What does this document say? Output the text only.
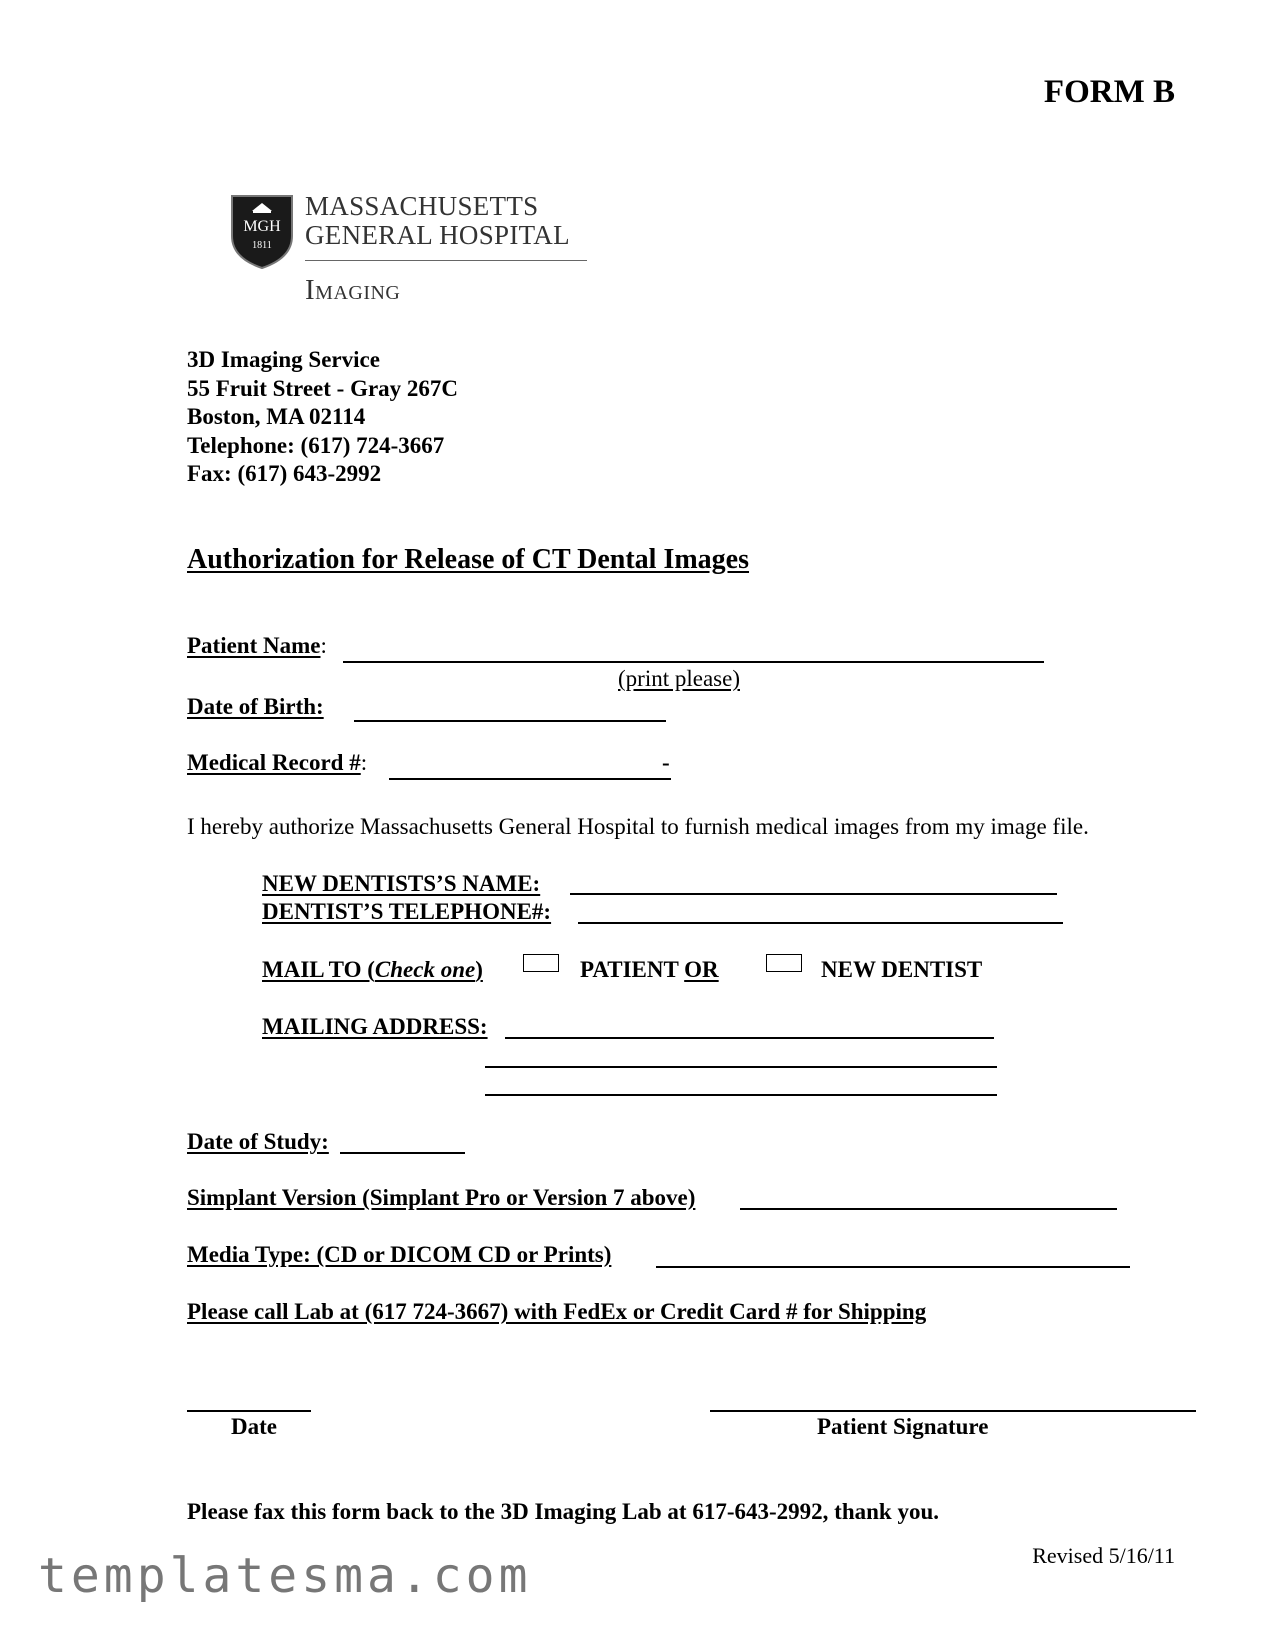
FORM B
MGH
1811
MASSACHUSETTS
GENERAL HOSPITAL
Imaging
3D Imaging Service
55 Fruit Street - Gray 267C
Boston, MA 02114
Telephone: (617) 724-3667
Fax: (617) 643-2992
Authorization for Release of CT Dental Images
Patient Name:
(print please)
Date of Birth:
Medical Record #:	-
I hereby authorize Massachusetts General Hospital to furnish medical images from my image file.
NEW DENTISTS’S NAME:
DENTIST’S TELEPHONE#:
MAIL TO (Check one)	PATIENT OR	NEW DENTIST
MAILING ADDRESS:
Date of Study:
Simplant Version (Simplant Pro or Version 7 above)
Media Type: (CD or DICOM CD or Prints)
Please call Lab at (617 724-3667) with FedEx or Credit Card # for Shipping
Date	Patient Signature
Please fax this form back to the 3D Imaging Lab at 617-643-2992, thank you.
Revised 5/16/11
templatesma.com
